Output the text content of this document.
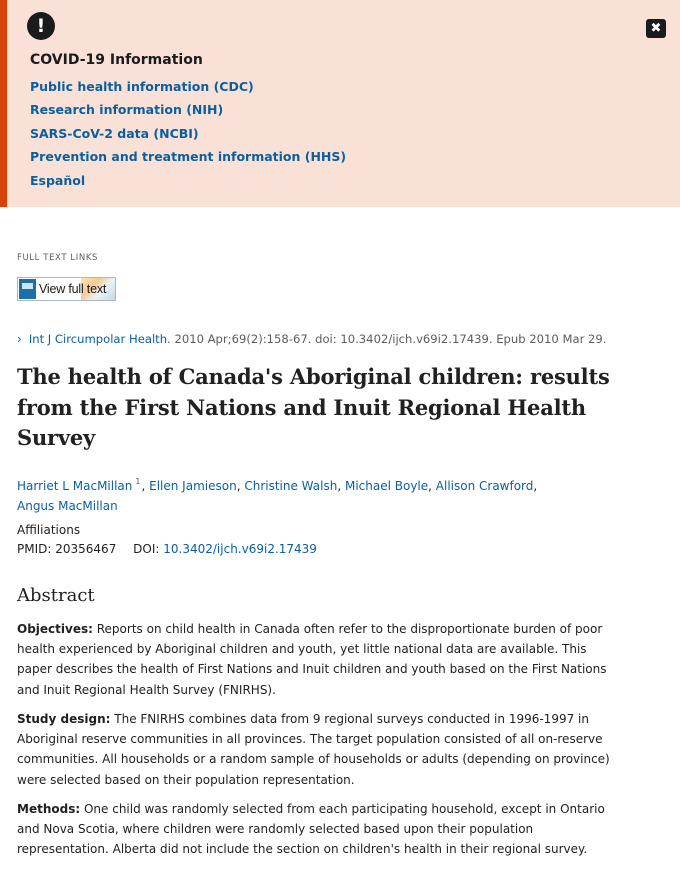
!	✖
COVID-19 Information
Public health information (CDC)
Research information (NIH)
SARS-CoV-2 data (NCBI)
Prevention and treatment information (HHS)
Español
FULL TEXT LINKS
View full text
› Int J Circumpolar Health. 2010 Apr;69(2):158-67. doi: 10.3402/ijch.v69i2.17439. Epub 2010 Mar 29.
The health of Canada's Aboriginal children: results from the First Nations and Inuit Regional Health Survey
Harriet L MacMillan $^1$, Ellen Jamieson, Christine Walsh, Michael Boyle, Allison Crawford, Angus MacMillan
Affiliations
PMID: 20356467 DOI: 10.3402/ijch.v69i2.17439
Abstract

Objectives: Reports on child health in Canada often refer to the disproportionate burden of poor health experienced by Aboriginal children and youth, yet little national data are available. This paper describes the health of First Nations and Inuit children and youth based on the First Nations and Inuit Regional Health Survey (FNIRHS).

Study design: The FNIRHS combines data from 9 regional surveys conducted in 1996-1997 in Aboriginal reserve communities in all provinces. The target population consisted of all on-reserve communities. All households or a random sample of households or adults (depending on province) were selected based on their population representation.

Methods: One child was randomly selected from each participating household, except in Ontario and Nova Scotia, where children were randomly selected based upon their population representation. Alberta did not include the section on children's health in their regional survey.
